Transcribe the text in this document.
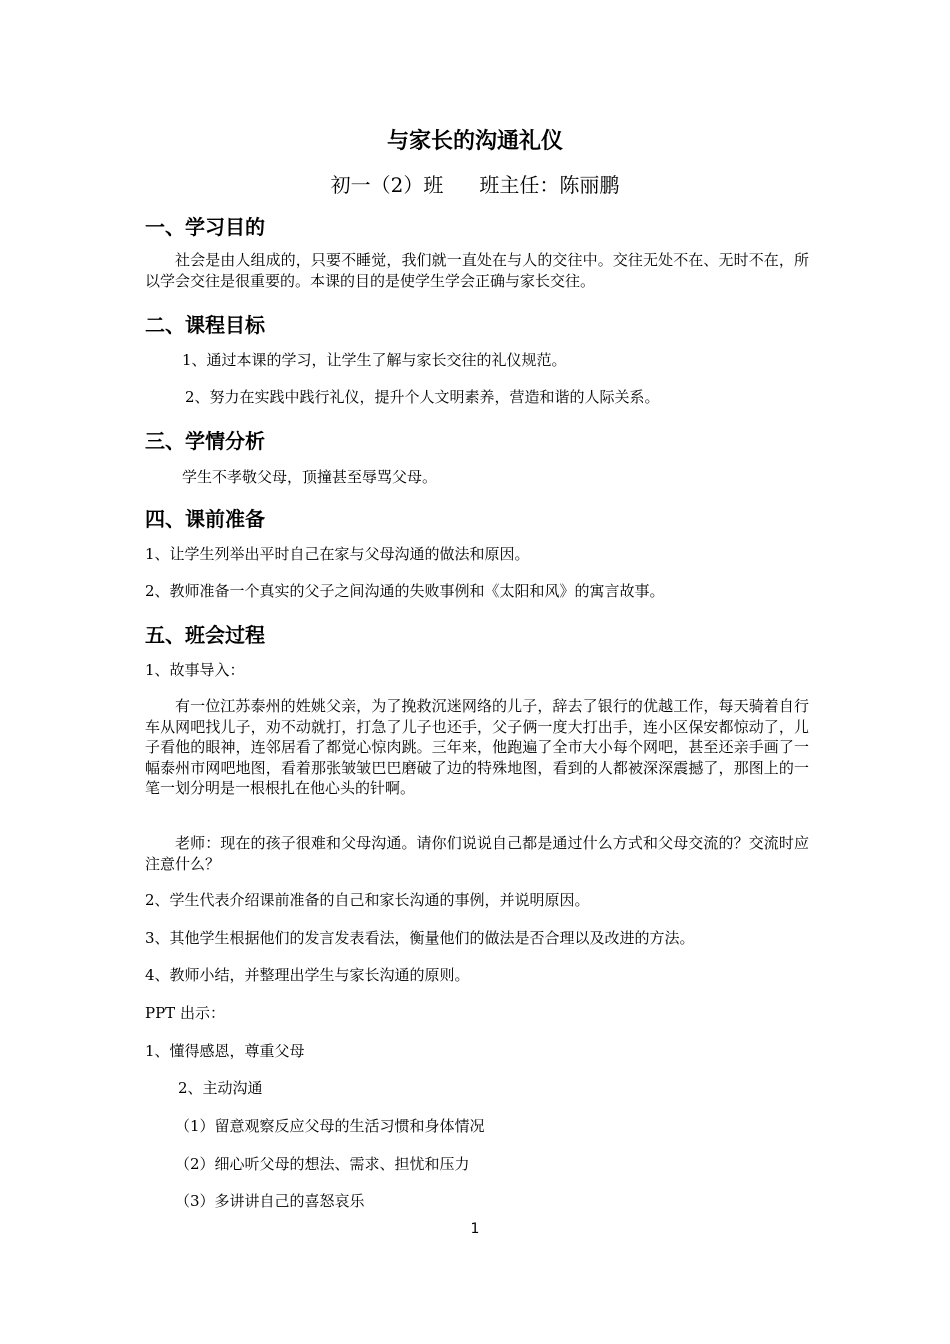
与家长的沟通礼仪
初一（2）班 班主任：陈丽鹏
一、学习目的
社会是由人组成的，只要不睡觉，我们就一直处在与人的交往中。交往无处不在、无时不在，所以学会交往是很重要的。本课的目的是使学生学会正确与家长交往。
二、课程目标
1、通过本课的学习，让学生了解与家长交往的礼仪规范。
2、努力在实践中践行礼仪，提升个人文明素养，营造和谐的人际关系。
三、学情分析
学生不孝敬父母，顶撞甚至辱骂父母。
四、课前准备
1、让学生列举出平时自己在家与父母沟通的做法和原因。
2、教师准备一个真实的父子之间沟通的失败事例和《太阳和风》的寓言故事。
五、班会过程
1、故事导入：
有一位江苏泰州的姓姚父亲，为了挽救沉迷网络的儿子，辞去了银行的优越工作，每天骑着自行车从网吧找儿子，劝不动就打，打急了儿子也还手，父子俩一度大打出手，连小区保安都惊动了，儿子看他的眼神，连邻居看了都觉心惊肉跳。三年来，他跑遍了全市大小每个网吧，甚至还亲手画了一幅泰州市网吧地图，看着那张皱皱巴巴磨破了边的特殊地图，看到的人都被深深震撼了，那图上的一笔一划分明是一根根扎在他心头的针啊。
老师：现在的孩子很难和父母沟通。请你们说说自己都是通过什么方式和父母交流的？交流时应注意什么？
2、学生代表介绍课前准备的自己和家长沟通的事例，并说明原因。
3、其他学生根据他们的发言发表看法，衡量他们的做法是否合理以及改进的方法。
4、教师小结，并整理出学生与家长沟通的原则。
PPT 出示：
1、懂得感恩，尊重父母
2、主动沟通
（1）留意观察反应父母的生活习惯和身体情况
（2）细心听父母的想法、需求、担忧和压力
（3）多讲讲自己的喜怒哀乐
1
